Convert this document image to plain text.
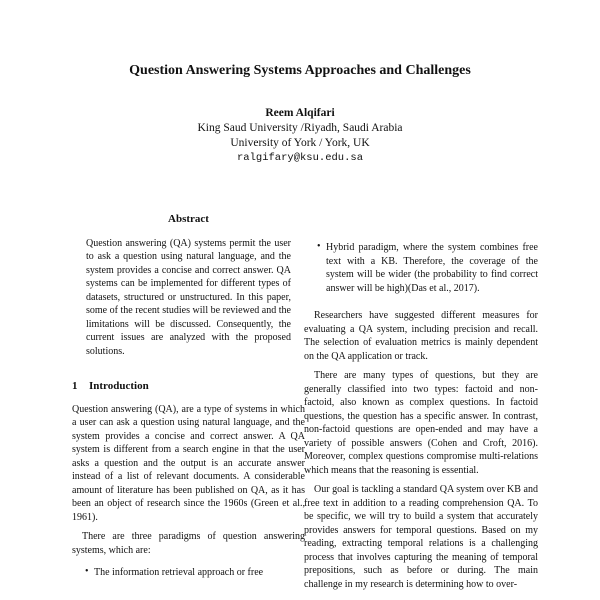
Question Answering Systems Approaches and Challenges
Reem Alqifari
King Saud University /Riyadh, Saudi Arabia
University of York / York, UK
ralgifary@ksu.edu.sa
Abstract

Question answering (QA) systems permit the user to ask a question using natural language, and the system provides a concise and correct answer. QA systems can be implemented for different types of datasets, structured or unstructured. In this paper, some of the recent studies will be reviewed and the limitations will be discussed. Consequently, the current issues are analyzed with the proposed solutions.

1 Introduction

Question answering (QA), are a type of systems in which a user can ask a question using natural language, and the system provides a concise and correct answer. A QA system is different from a search engine in that the user asks a question and the output is an accurate answer instead of a list of relevant documents. A considerable amount of literature has been published on QA, as it has been an object of research since the 1960s (Green et al., 1961).

There are three paradigms of question answering systems, which are:

• The information retrieval approach or free
• Hybrid paradigm, where the system combines free text with a KB. Therefore, the coverage of the system will be wider (the probability to find correct answer will be high)(Das et al., 2017).

Researchers have suggested different measures for evaluating a QA system, including precision and recall. The selection of evaluation metrics is mainly dependent on the QA application or track.

There are many types of questions, but they are generally classified into two types: factoid and non-factoid, also known as complex questions. In factoid questions, the question has a specific answer. In contrast, non-factoid questions are open-ended and may have a variety of possible answers (Cohen and Croft, 2016). Moreover, complex questions compromise multi-relations which means that the reasoning is essential.

Our goal is tackling a standard QA system over KB and free text in addition to a reading comprehension QA. To be specific, we will try to build a system that accurately provides answers for temporal questions. Based on my reading, extracting temporal relations is a challenging process that involves capturing the meaning of temporal prepositions, such as before or during. The main challenge in my research is determining how to over-
